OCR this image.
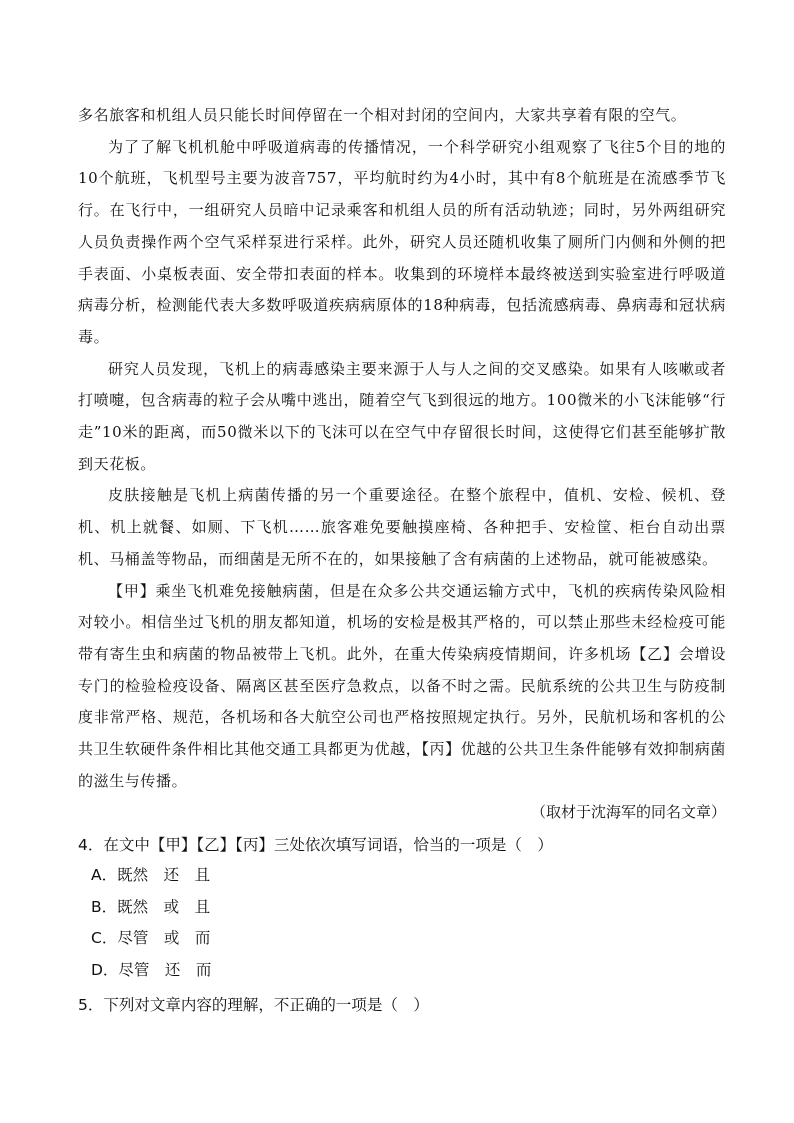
多名旅客和机组人员只能长时间停留在一个相对封闭的空间内，大家共享着有限的空气。

为了了解飞机机舱中呼吸道病毒的传播情况，一个科学研究小组观察了飞往5个目的地的10个航班，飞机型号主要为波音757，平均航时约为4小时，其中有8个航班是在流感季节飞行。在飞行中，一组研究人员暗中记录乘客和机组人员的所有活动轨迹；同时，另外两组研究人员负责操作两个空气采样泵进行采样。此外，研究人员还随机收集了厕所门内侧和外侧的把手表面、小桌板表面、安全带扣表面的样本。收集到的环境样本最终被送到实验室进行呼吸道病毒分析，检测能代表大多数呼吸道疾病病原体的18种病毒，包括流感病毒、鼻病毒和冠状病毒。

研究人员发现，飞机上的病毒感染主要来源于人与人之间的交叉感染。如果有人咳嗽或者打喷嚏，包含病毒的粒子会从嘴中逃出，随着空气飞到很远的地方。100微米的小飞沫能够“行走”10米的距离，而50微米以下的飞沫可以在空气中存留很长时间，这使得它们甚至能够扩散到天花板。

皮肤接触是飞机上病菌传播的另一个重要途径。在整个旅程中，值机、安检、候机、登机、机上就餐、如厕、下飞机……旅客难免要触摸座椅、各种把手、安检筐、柜台自动出票机、马桶盖等物品，而细菌是无所不在的，如果接触了含有病菌的上述物品，就可能被感染。

【甲】乘坐飞机难免接触病菌，但是在众多公共交通运输方式中，飞机的疾病传染风险相对较小。相信坐过飞机的朋友都知道，机场的安检是极其严格的，可以禁止那些未经检疫可能带有寄生虫和病菌的物品被带上飞机。此外，在重大传染病疫情期间，许多机场【乙】会增设专门的检验检疫设备、隔离区甚至医疗急救点，以备不时之需。民航系统的公共卫生与防疫制度非常严格、规范，各机场和各大航空公司也严格按照规定执行。另外，民航机场和客机的公共卫生软硬件条件相比其他交通工具都更为优越，【丙】优越的公共卫生条件能够有效抑制病菌的滋生与传播。

（取材于沈海军的同名文章）
4．在文中【甲】【乙】【丙】三处依次填写词语，恰当的一项是（　）
A．既然　还　且
B．既然　或　且
C．尽管　或　而
D．尽管　还　而
5．下列对文章内容的理解，不正确的一项是（　）
